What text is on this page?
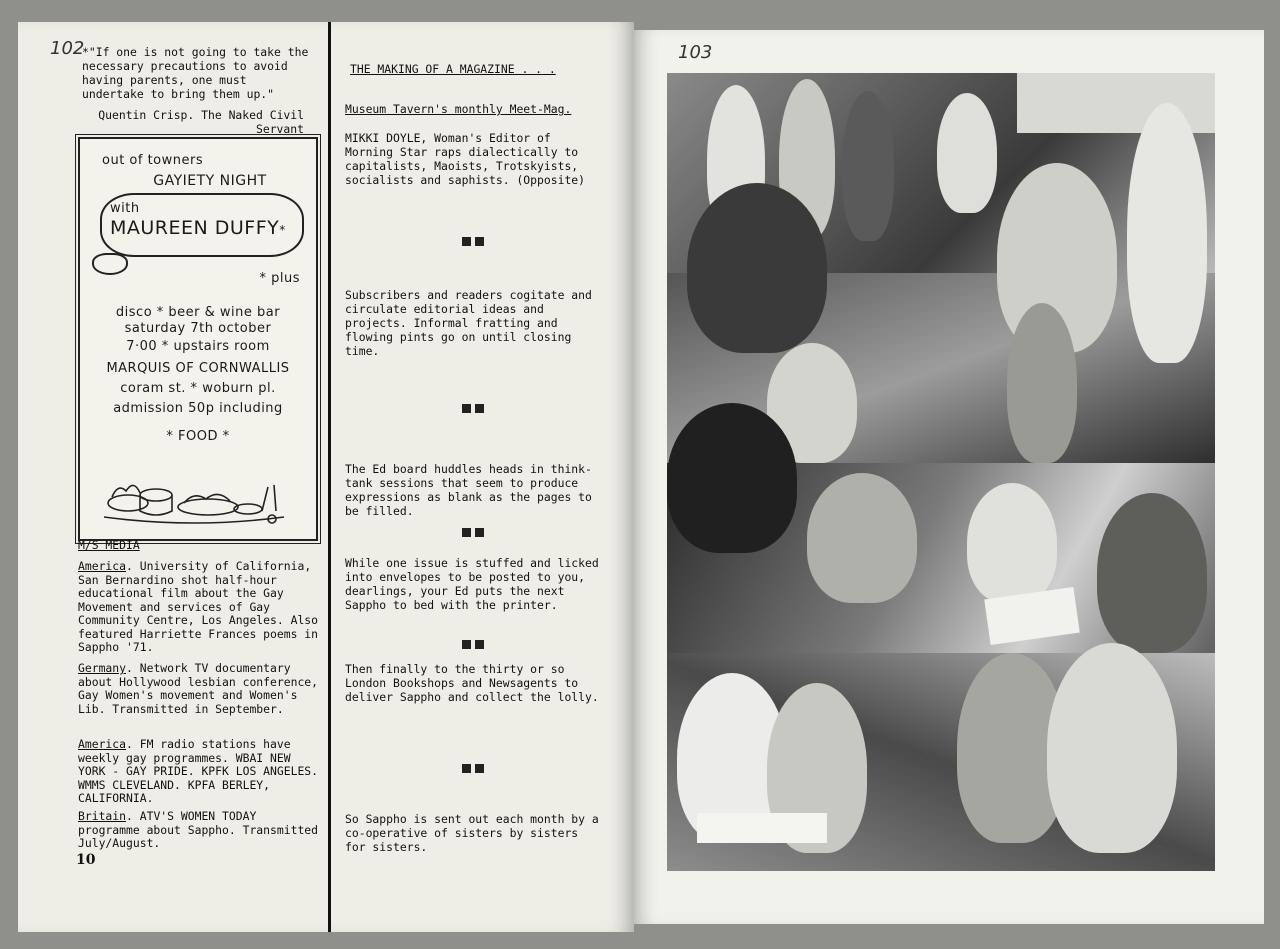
102	103
*"If one is not going to take the necessary precautions to avoid having parents, one must undertake to bring them up."
Quentin Crisp. The Naked Civil Servant
out of towners
GAYIETY NIGHT
with
MAUREEN DUFFY*
* plus
disco * beer & wine bar
saturday 7th october
7·00 * upstairs room
MARQUIS OF CORNWALLIS
coram st. * woburn pl.
admission 50p including
* FOOD *
M/S MEDIA
America. University of California, San Bernardino shot half-hour educational film about the Gay Movement and services of Gay Community Centre, Los Angeles. Also featured Harriette Frances poems in Sappho '71.
Germany. Network TV documentary about Hollywood lesbian conference, Gay Women's movement and Women's Lib. Transmitted in September.
America. FM radio stations have weekly gay programmes. WBAI NEW YORK - GAY PRIDE. KPFK LOS ANGELES. WMMS CLEVELAND. KPFA BERLEY, CALIFORNIA.
Britain. ATV'S WOMEN TODAY programme about Sappho. Transmitted July/August.
10
THE MAKING OF A MAGAZINE . . .
Museum Tavern's monthly Meet-Mag.
MIKKI DOYLE, Woman's Editor of Morning Star raps dialectically to capitalists, Maoists, Trotskyists, socialists and saphists. (Opposite)
Subscribers and readers cogitate and circulate editorial ideas and projects. Informal fratting and flowing pints go on until closing time.
The Ed board huddles heads in think-tank sessions that seem to produce expressions as blank as the pages to be filled.
While one issue is stuffed and licked into envelopes to be posted to you, dearlings, your Ed puts the next Sappho to bed with the printer.
Then finally to the thirty or so London Bookshops and Newsagents to deliver Sappho and collect the lolly.
So Sappho is sent out each month by a co-operative of sisters by sisters for sisters.
